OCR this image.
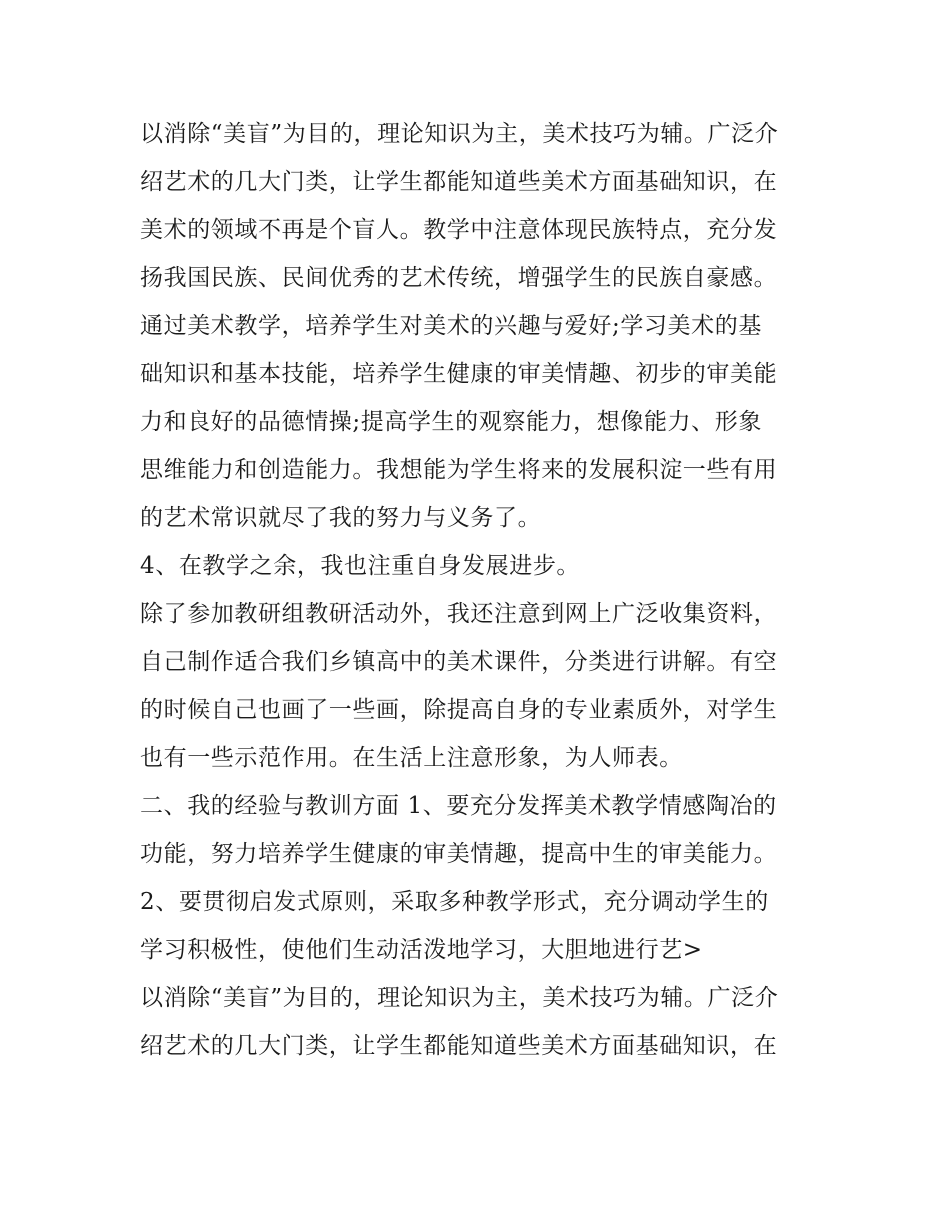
以消除“美盲”为目的，理论知识为主，美术技巧为辅。广泛介
绍艺术的几大门类，让学生都能知道些美术方面基础知识，在
美术的领域不再是个盲人。教学中注意体现民族特点，充分发
扬我国民族、民间优秀的艺术传统，增强学生的民族自豪感。
通过美术教学，培养学生对美术的兴趣与爱好;学习美术的基
础知识和基本技能，培养学生健康的审美情趣、初步的审美能
力和良好的品德情操;提高学生的观察能力，想像能力、形象
思维能力和创造能力。我想能为学生将来的发展积淀一些有用
的艺术常识就尽了我的努力与义务了。
4、在教学之余，我也注重自身发展进步。
除了参加教研组教研活动外，我还注意到网上广泛收集资料，
自己制作适合我们乡镇高中的美术课件，分类进行讲解。有空
的时候自己也画了一些画，除提高自身的专业素质外，对学生
也有一些示范作用。在生活上注意形象，为人师表。
二、我的经验与教训方面 1、要充分发挥美术教学情感陶冶的
功能，努力培养学生健康的审美情趣，提高中生的审美能力。
2、要贯彻启发式原则，采取多种教学形式，充分调动学生的
学习积极性，使他们生动活泼地学习，大胆地进行艺>
以消除“美盲”为目的，理论知识为主，美术技巧为辅。广泛介
绍艺术的几大门类，让学生都能知道些美术方面基础知识，在
